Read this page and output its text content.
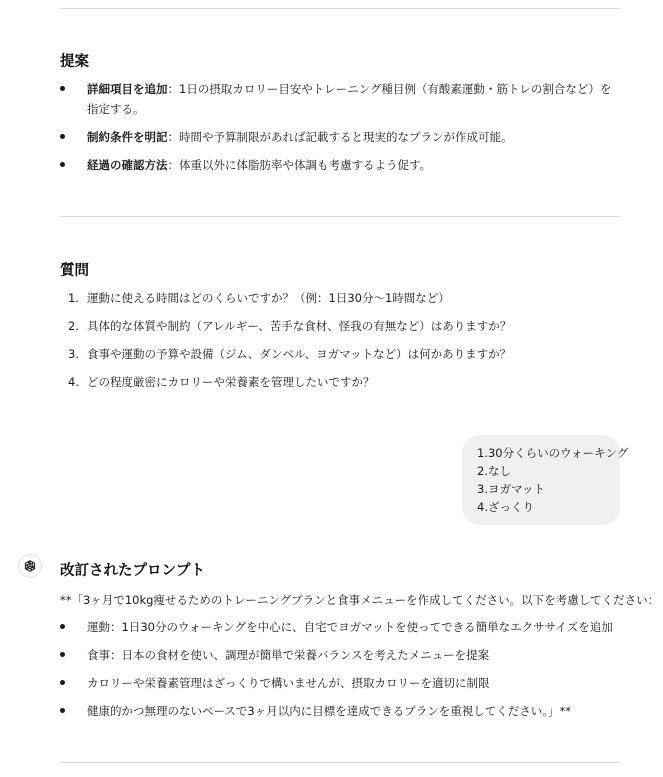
提案
詳細項目を追加：1日の摂取カロリー目安やトレーニング種目例（有酸素運動・筋トレの割合など）を指定する。
制約条件を明記：時間や予算制限があれば記載すると現実的なプランが作成可能。
経過の確認方法：体重以外に体脂肪率や体調も考慮するよう促す。
質問
1. 運動に使える時間はどのくらいですか？（例：1日30分〜1時間など）
2. 具体的な体質や制約（アレルギー、苦手な食材、怪我の有無など）はありますか？
3. 食事や運動の予算や設備（ジム、ダンベル、ヨガマットなど）は何かありますか？
4. どの程度厳密にカロリーや栄養素を管理したいですか？
1.30分くらいのウォーキング
2.なし
3.ヨガマット
4.ざっくり
改訂されたプロンプト
**「3ヶ月で10kg痩せるためのトレーニングプランと食事メニューを作成してください。以下を考慮してください：
運動：1日30分のウォーキングを中心に、自宅でヨガマットを使ってできる簡単なエクササイズを追加
食事：日本の食材を使い、調理が簡単で栄養バランスを考えたメニューを提案
カロリーや栄養素管理はざっくりで構いませんが、摂取カロリーを適切に制限
健康的かつ無理のないペースで3ヶ月以内に目標を達成できるプランを重視してください。」**
